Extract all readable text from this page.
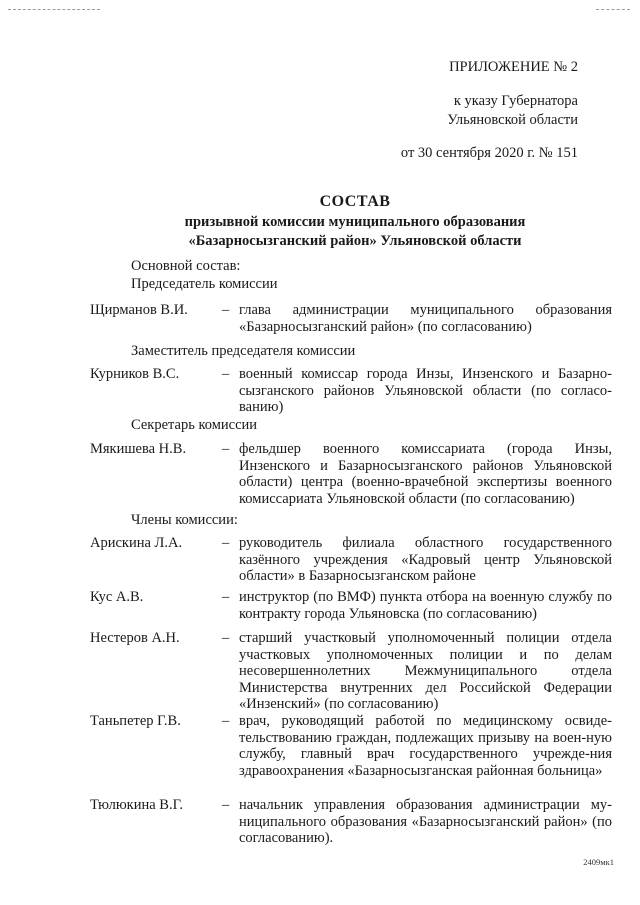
ПРИЛОЖЕНИЕ № 2
к указу Губернатора
Ульяновской области
от 30 сентября 2020 г. № 151
СОСТАВ
призывной комиссии муниципального образования
«Базарносызганский район» Ульяновской области
Основной состав:
Председатель комиссии
Щирманов В.И. – глава администрации муниципального образования «Базарносызганский район» (по согласованию)
Заместитель председателя комиссии
Курников В.С.	– военный комиссар города Инзы, Инзенского и Базарно-сызганского районов Ульяновской области (по согласо-ванию)
Секретарь комиссии
Мякишева Н.В. – фельдшер военного комиссариата (города Инзы, Инзенского и Базарносызганского районов Ульяновской области) центра (военно-врачебной экспертизы военного комиссариата Ульяновской области (по согласованию)
Члены комиссии:
Арискина Л.А.	– руководитель филиала областного государственного казённого учреждения «Кадровый центр Ульяновской области» в Базарносызганском районе
Кус А.В.	– инструктор (по ВМФ) пункта отбора на военную службу по контракту города Ульяновска (по согласованию)
Нестеров А.Н.	– старший участковый уполномоченный полиции отдела участковых уполномоченных полиции и по делам несовершеннолетних Межмуниципального отдела Министерства внутренних дел Российской Федерации «Инзенский» (по согласованию)
Таньпетер Г.В.	– врач, руководящий работой по медицинскому освиде-тельствованию граждан, подлежащих призыву на воен-ную службу, главный врач государственного учрежде-ния здравоохранения «Базарносызганская районная больница»
Тюлюкина В.Г.	– начальник управления образования администрации му-ниципального образования «Базарносызганский район» (по согласованию).
2409мк1
